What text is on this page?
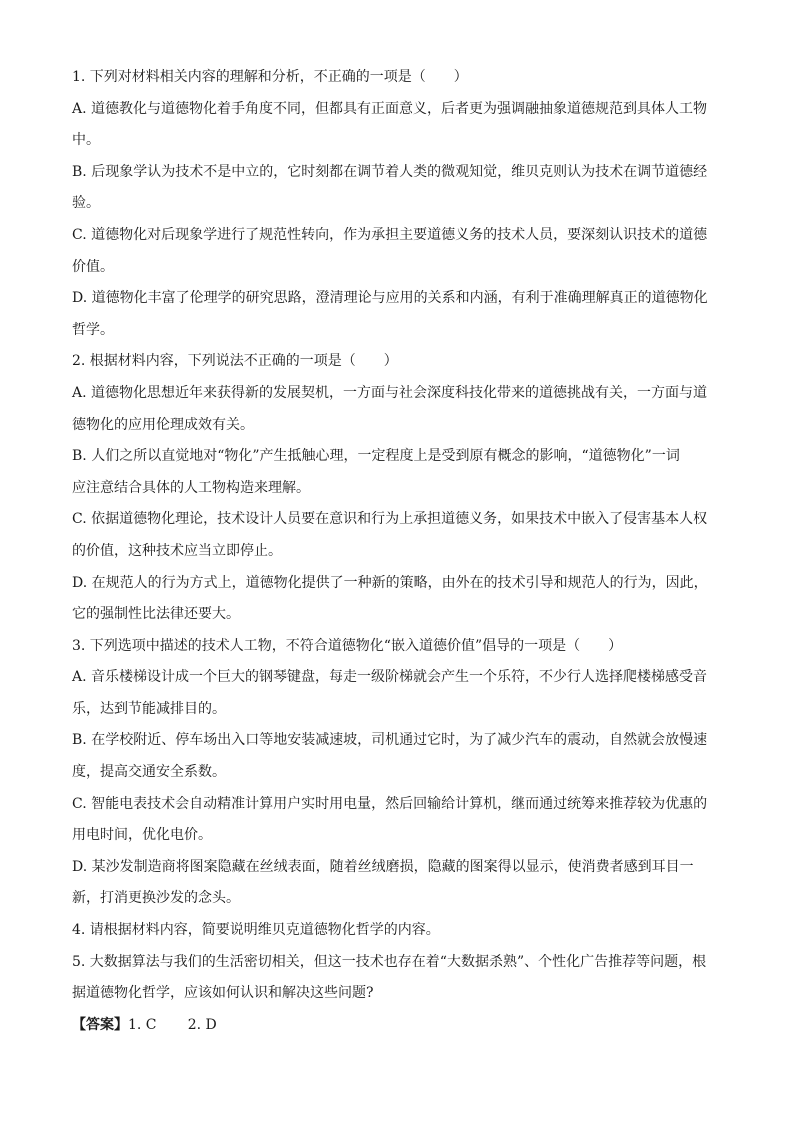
1. 下列对材料相关内容的理解和分析，不正确的一项是（　　）
A. 道德教化与道德物化着手角度不同，但都具有正面意义，后者更为强调融抽象道德规范到具体人工物
中。
B. 后现象学认为技术不是中立的，它时刻都在调节着人类的微观知觉，维贝克则认为技术在调节道德经
验。
C. 道德物化对后现象学进行了规范性转向，作为承担主要道德义务的技术人员，要深刻认识技术的道德
价值。
D. 道德物化丰富了伦理学的研究思路，澄清理论与应用的关系和内涵，有利于准确理解真正的道德物化
哲学。
2. 根据材料内容，下列说法不正确的一项是（　　）
A. 道德物化思想近年来获得新的发展契机，一方面与社会深度科技化带来的道德挑战有关，一方面与道
德物化的应用伦理成效有关。
B. 人们之所以直觉地对“物化”产生抵触心理，一定程度上是受到原有概念的影响，“道德物化”一词
应注意结合具体的人工物构造来理解。
C. 依据道德物化理论，技术设计人员要在意识和行为上承担道德义务，如果技术中嵌入了侵害基本人权
的价值，这种技术应当立即停止。
D. 在规范人的行为方式上，道德物化提供了一种新的策略，由外在的技术引导和规范人的行为，因此，
它的强制性比法律还要大。
3. 下列选项中描述的技术人工物，不符合道德物化“嵌入道德价值”倡导的一项是（　　）
A. 音乐楼梯设计成一个巨大的钢琴键盘，每走一级阶梯就会产生一个乐符，不少行人选择爬楼梯感受音
乐，达到节能减排目的。
B. 在学校附近、停车场出入口等地安装减速坡，司机通过它时，为了减少汽车的震动，自然就会放慢速
度，提高交通安全系数。
C. 智能电表技术会自动精准计算用户实时用电量，然后回输给计算机，继而通过统筹来推荐较为优惠的
用电时间，优化电价。
D. 某沙发制造商将图案隐藏在丝绒表面，随着丝绒磨损，隐藏的图案得以显示，使消费者感到耳目一
新，打消更换沙发的念头。
4. 请根据材料内容，简要说明维贝克道德物化哲学的内容。
5. 大数据算法与我们的生活密切相关，但这一技术也存在着“大数据杀熟”、个性化广告推荐等问题，根
据道德物化哲学，应该如何认识和解决这些问题?
【答案】1. C 2. D
